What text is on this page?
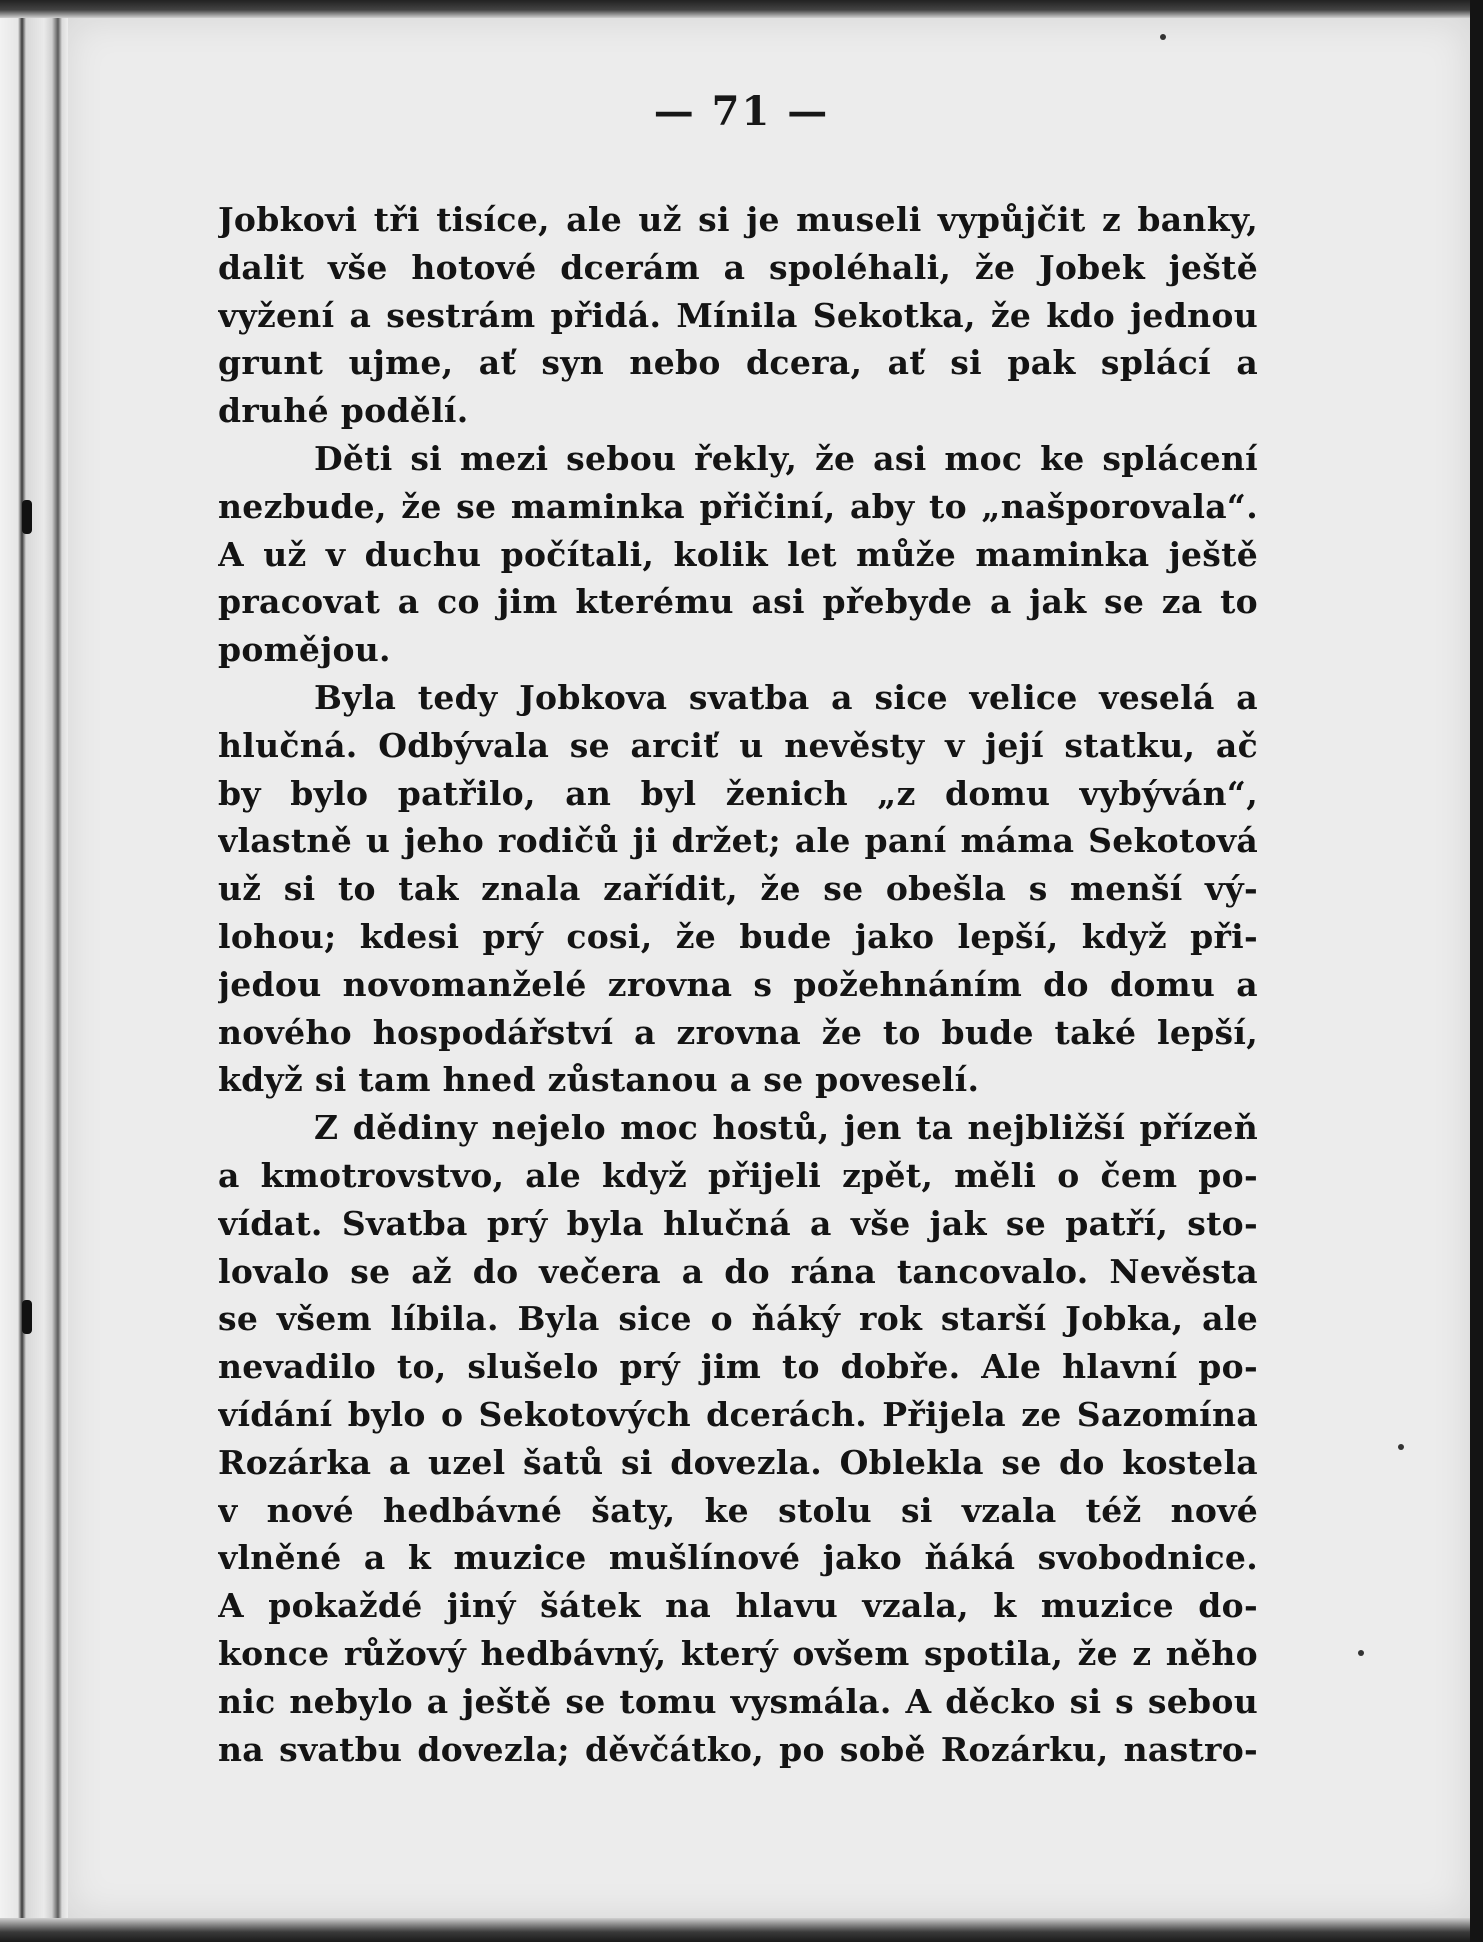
— 71 —
Jobkovi tři tisíce, ale už si je museli vypůjčit z banky,
dalit vše hotové dcerám a spoléhali, že Jobek ještě
vyžení a sestrám přidá. Mínila Sekotka, že kdo jednou
grunt ujme, ať syn nebo dcera, ať si pak splácí a
druhé podělí.
Děti si mezi sebou řekly, že asi moc ke splácení
nezbude, že se maminka přičiní, aby to „našporovala“.
A už v duchu počítali, kolik let může maminka ještě
pracovat a co jim kterému asi přebyde a jak se za to
pomějou.
Byla tedy Jobkova svatba a sice velice veselá a
hlučná. Odbývala se arciť u nevěsty v její statku, ač
by bylo patřilo, an byl ženich „z domu vybýván“,
vlastně u jeho rodičů ji držet; ale paní máma Sekotová
už si to tak znala zařídit, že se obešla s menší vý-
lohou; kdesi prý cosi, že bude jako lepší, když při-
jedou novomanželé zrovna s požehnáním do domu a
nového hospodářství a zrovna že to bude také lepší,
když si tam hned zůstanou a se poveselí.
Z dědiny nejelo moc hostů, jen ta nejbližší přízeň
a kmotrovstvo, ale když přijeli zpět, měli o čem po-
vídat. Svatba prý byla hlučná a vše jak se patří, sto-
lovalo se až do večera a do rána tancovalo. Nevěsta
se všem líbila. Byla sice o ňáký rok starší Jobka, ale
nevadilo to, slušelo prý jim to dobře. Ale hlavní po-
vídání bylo o Sekotových dcerách. Přijela ze Sazomína
Rozárka a uzel šatů si dovezla. Oblekla se do kostela
v nové hedbávné šaty, ke stolu si vzala též nové
vlněné a k muzice mušlínové jako ňáká svobodnice.
A pokaždé jiný šátek na hlavu vzala, k muzice do-
konce růžový hedbávný, který ovšem spotila, že z něho
nic nebylo a ještě se tomu vysmála. A děcko si s sebou
na svatbu dovezla; děvčátko, po sobě Rozárku, nastro-
